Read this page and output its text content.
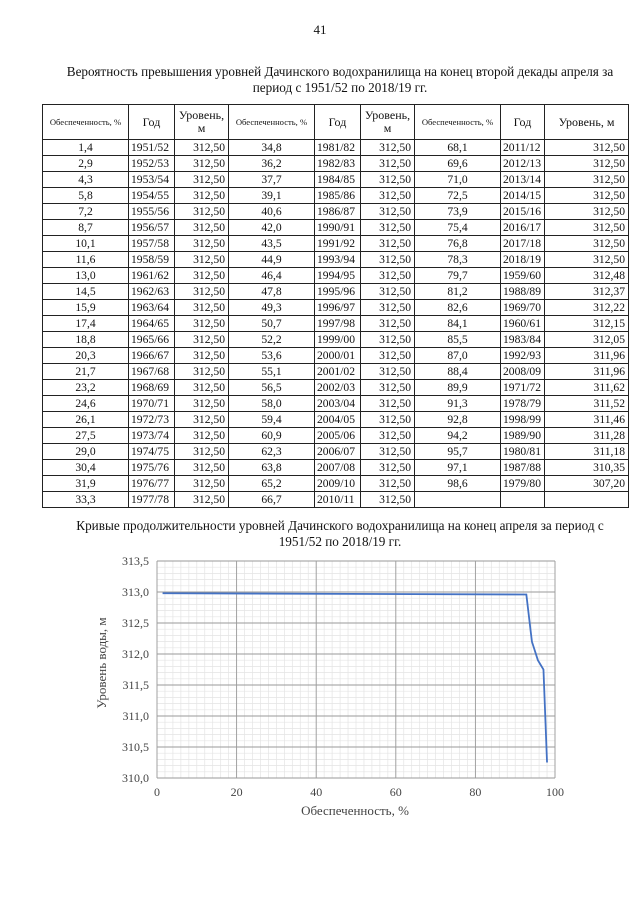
41
Вероятность превышения уровней Дачинского водохранилища на конец второй декады апреля за период с 1951/52 по 2018/19 гг.
Обеспеченность, %	Год	Уровень, м	Обеспеченность, %	Год	Уровень, м	Обеспеченность, %	Год	Уровень, м
1,4	1951/52	312,50	34,8	1981/82	312,50	68,1	2011/12	312,50
2,9	1952/53	312,50	36,2	1982/83	312,50	69,6	2012/13	312,50
4,3	1953/54	312,50	37,7	1984/85	312,50	71,0	2013/14	312,50
5,8	1954/55	312,50	39,1	1985/86	312,50	72,5	2014/15	312,50
7,2	1955/56	312,50	40,6	1986/87	312,50	73,9	2015/16	312,50
8,7	1956/57	312,50	42,0	1990/91	312,50	75,4	2016/17	312,50
10,1	1957/58	312,50	43,5	1991/92	312,50	76,8	2017/18	312,50
11,6	1958/59	312,50	44,9	1993/94	312,50	78,3	2018/19	312,50
13,0	1961/62	312,50	46,4	1994/95	312,50	79,7	1959/60	312,48
14,5	1962/63	312,50	47,8	1995/96	312,50	81,2	1988/89	312,37
15,9	1963/64	312,50	49,3	1996/97	312,50	82,6	1969/70	312,22
17,4	1964/65	312,50	50,7	1997/98	312,50	84,1	1960/61	312,15
18,8	1965/66	312,50	52,2	1999/00	312,50	85,5	1983/84	312,05
20,3	1966/67	312,50	53,6	2000/01	312,50	87,0	1992/93	311,96
21,7	1967/68	312,50	55,1	2001/02	312,50	88,4	2008/09	311,96
23,2	1968/69	312,50	56,5	2002/03	312,50	89,9	1971/72	311,62
24,6	1970/71	312,50	58,0	2003/04	312,50	91,3	1978/79	311,52
26,1	1972/73	312,50	59,4	2004/05	312,50	92,8	1998/99	311,46
27,5	1973/74	312,50	60,9	2005/06	312,50	94,2	1989/90	311,28
29,0	1974/75	312,50	62,3	2006/07	312,50	95,7	1980/81	311,18
30,4	1975/76	312,50	63,8	2007/08	312,50	97,1	1987/88	310,35
31,9	1976/77	312,50	65,2	2009/10	312,50	98,6	1979/80	307,20
33,3	1977/78	312,50	66,7	2010/11	312,50			
Кривые продолжительности уровней Дачинского водохранилища на конец апреля за период с 1951/52 по 2018/19 гг.
310,0
310,5
311,0
311,5
312,0
312,5
313,0
313,5
0	20	40	60	80	100
Уровень воды, м
Обеспеченность, %
